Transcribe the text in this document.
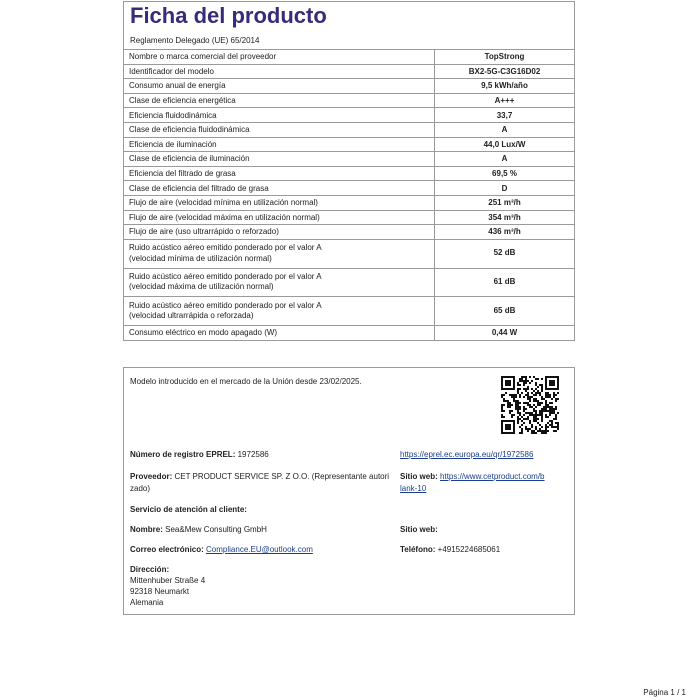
Ficha del producto
Reglamento Delegado (UE) 65/2014
Nombre o marca comercial del proveedor	TopStrong
Identificador del modelo	BX2-5G-C3G16D02
Consumo anual de energía	9,5 kWh/año
Clase de eficiencia energética	A+++
Eficiencia fluidodinámica	33,7
Clase de eficiencia fluidodinámica	A
Eficiencia de iluminación	44,0 Lux/W
Clase de eficiencia de iluminación	A
Eficiencia del filtrado de grasa	69,5 %
Clase de eficiencia del filtrado de grasa	D
Flujo de aire (velocidad mínima en utilización normal)	251 m³/h
Flujo de aire (velocidad máxima en utilización normal)	354 m³/h
Flujo de aire (uso ultrarrápido o reforzado)	436 m³/h

Ruido acústico aéreo emitido ponderado por el valor A
(velocidad mínima de utilización normal)	52 dB

Ruido acústico aéreo emitido ponderado por el valor A
(velocidad máxima de utilización normal)	61 dB

Ruido acústico aéreo emitido ponderado por el valor A
(velocidad ultrarrápida o reforzada)	65 dB
Consumo eléctrico en modo apagado (W)	0,44 W
Modelo introducido en el mercado de la Unión desde 23/02/2025.
Número de registro EPREL: 1972586	https://eprel.ec.europa.eu/qr/1972586
Proveedor: CET PRODUCT SERVICE SP. Z O.O. (Representante autori
zado)
Sitio web: https://www.cetproduct.com/b
lank-10
Servicio de atención al cliente:
Nombre: Sea&Mew Consulting GmbH	Sitio web:
Correo electrónico: Compliance.EU@outlook.com	Teléfono: +4915224685061
Dirección:
Mittenhuber Straße 4
92318 Neumarkt
Alemania
Página 1 / 1
